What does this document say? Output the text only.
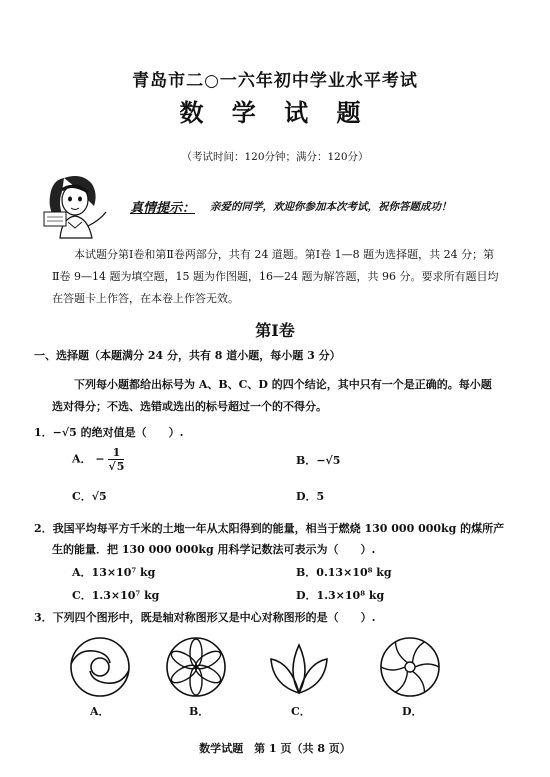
青岛市二○一六年初中学业水平考试
数 学 试 题
（考试时间：120分钟；满分：120分）
真情提示： 亲爱的同学，欢迎你参加本次考试，祝你答题成功！
本试题分第Ⅰ卷和第Ⅱ卷两部分，共有 24 道题。第Ⅰ卷 1—8 题为选择题，共 24 分；第Ⅱ卷 9—14 题为填空题，15 题为作图题，16—24 题为解答题，共 96 分。要求所有题目均在答题卡上作答，在本卷上作答无效。
第Ⅰ卷
一、选择题（本题满分 24 分，共有 8 道小题，每小题 3 分）
下列每小题都给出标号为 A、B、C、D 的四个结论，其中只有一个是正确的。每小题选对得分；不选、选错或选出的标号超过一个的不得分。
1．−√5 的绝对值是（　　）.
A． − $\frac{1}{√5}$	B．−√5
C．√5	D．5
2．我国平均每平方千米的土地一年从太阳得到的能量，相当于燃烧 130 000 000kg 的煤所产
生的能量．把 130 000 000kg 用科学记数法可表示为（　　）.
A．13×10⁷ kg	B．0.13×10⁸ kg
C．1.3×10⁷ kg	D．1.3×10⁸ kg
3．下列四个图形中，既是轴对称图形又是中心对称图形的是（　　）.
A．	B．	C．	D．
数学试题　第 1 页（共 8 页）
